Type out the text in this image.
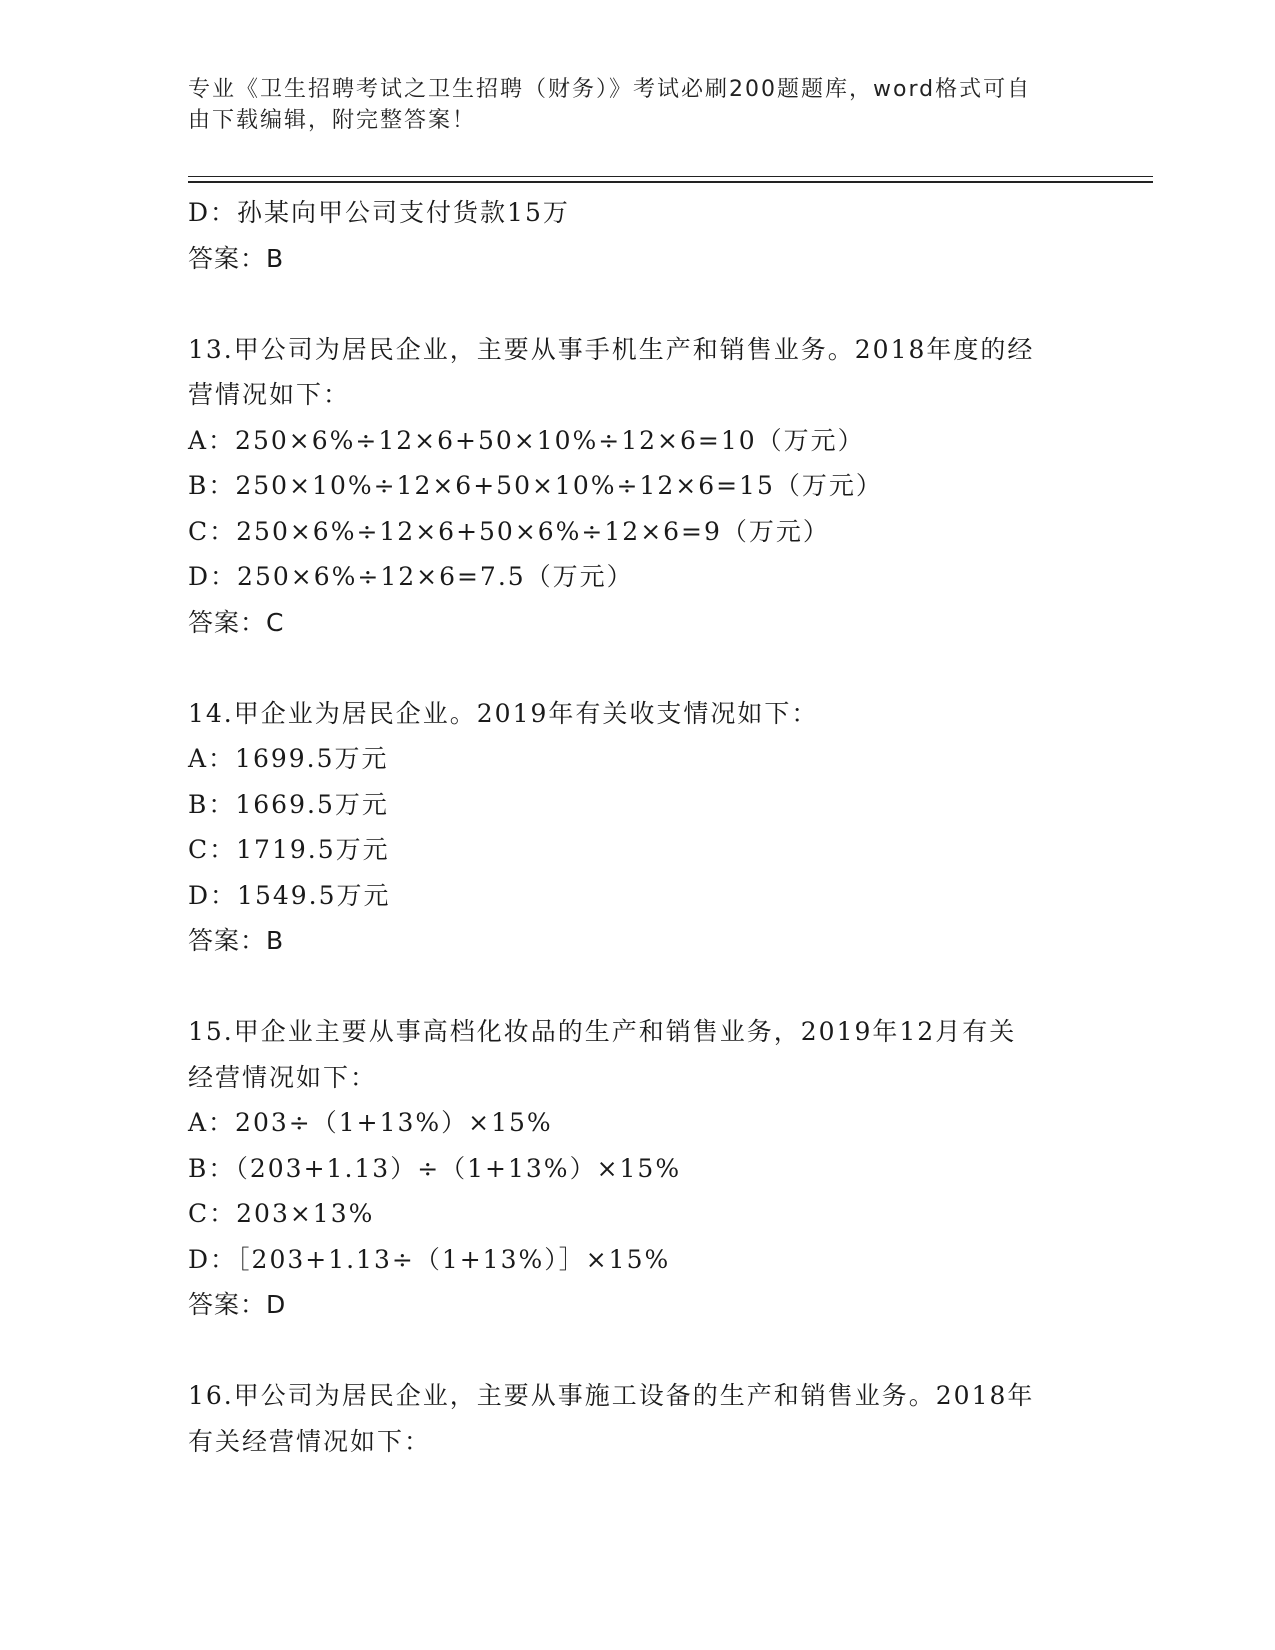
专业《卫生招聘考试之卫生招聘（财务）》考试必刷200题题库，word格式可自
由下载编辑，附完整答案！
D：孙某向甲公司支付货款15万
答案：B
13.甲公司为居民企业，主要从事手机生产和销售业务。2018年度的经
营情况如下：
A：250×6%÷12×6+50×10%÷12×6=10（万元）
B：250×10%÷12×6+50×10%÷12×6=15（万元）
C：250×6%÷12×6+50×6%÷12×6=9（万元）
D：250×6%÷12×6=7.5（万元）
答案：C
14.甲企业为居民企业。2019年有关收支情况如下：
A：1699.5万元
B：1669.5万元
C：1719.5万元
D：1549.5万元
答案：B
15.甲企业主要从事高档化妆品的生产和销售业务，2019年12月有关
经营情况如下：
A：203÷（1+13%）×15%
B：（203+1.13）÷（1+13%）×15%
C：203×13%
D：［203+1.13÷（1+13%）］×15%
答案：D
16.甲公司为居民企业，主要从事施工设备的生产和销售业务。2018年
有关经营情况如下：
